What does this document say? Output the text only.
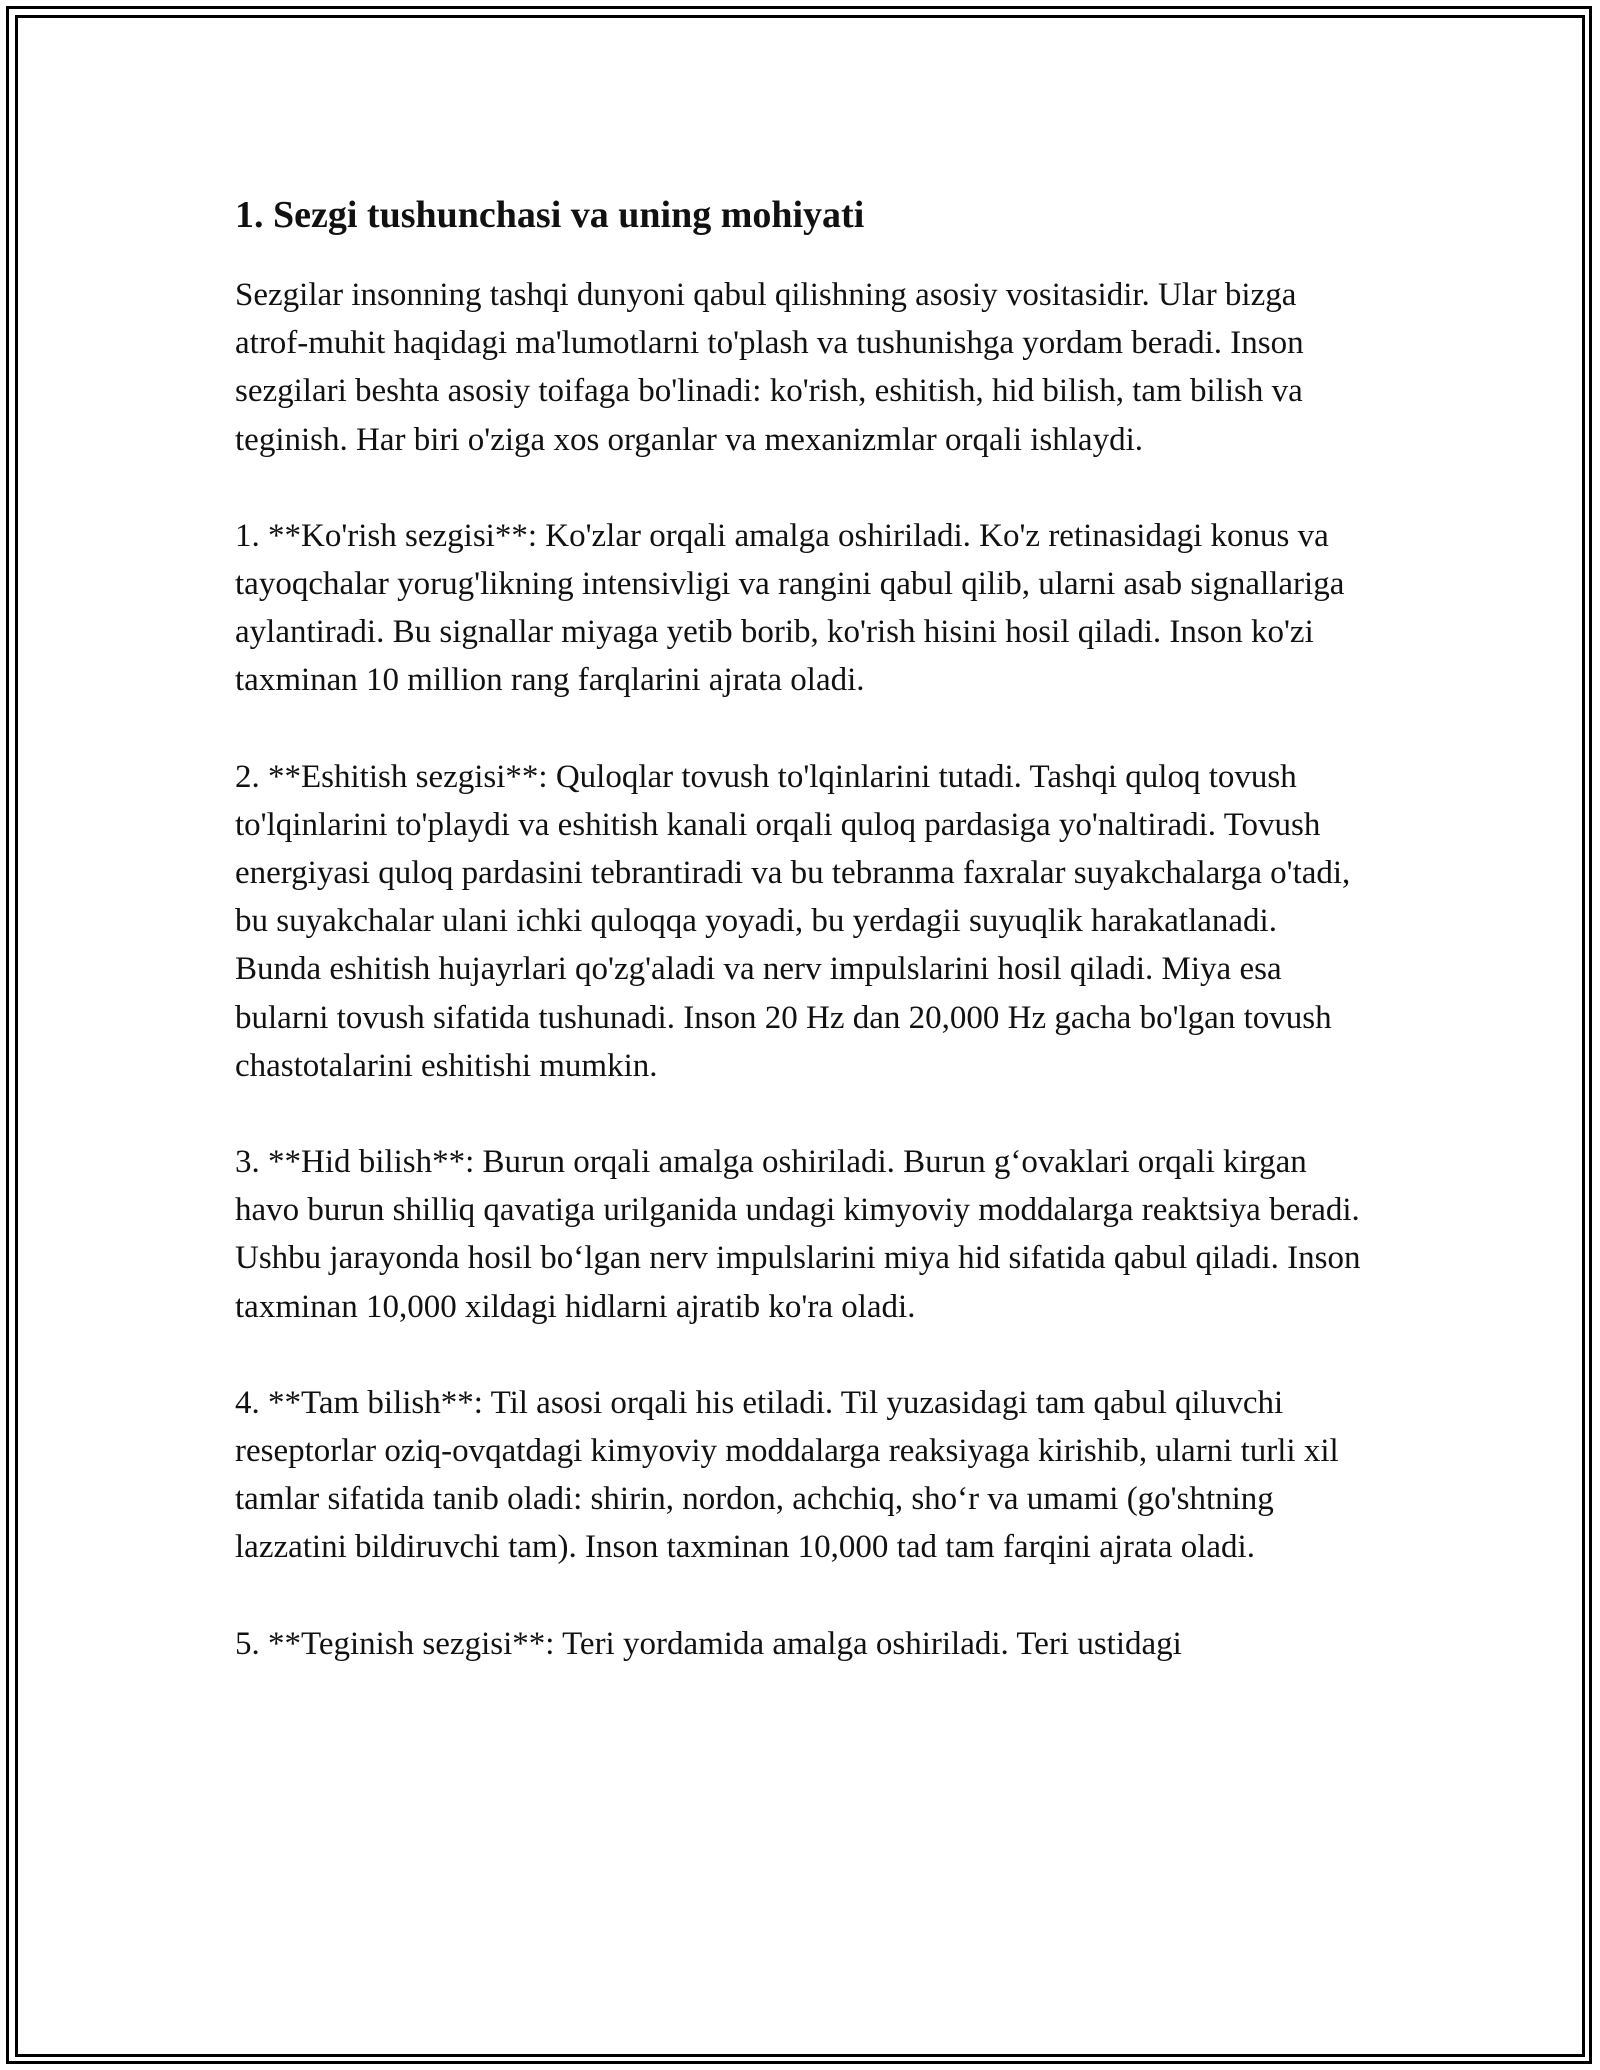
1. Sezgi tushunchasi va uning mohiyati

Sezgilar insonning tashqi dunyoni qabul qilishning asosiy vositasidir. Ular bizga atrof-muhit haqidagi ma'lumotlarni to'plash va tushunishga yordam beradi. Inson sezgilari beshta asosiy toifaga bo'linadi: ko'rish, eshitish, hid bilish, tam bilish va teginish. Har biri o'ziga xos organlar va mexanizmlar orqali ishlaydi.

1. **Ko'rish sezgisi**: Ko'zlar orqali amalga oshiriladi. Ko'z retinasidagi konus va tayoqchalar yorug'likning intensivligi va rangini qabul qilib, ularni asab signallariga aylantiradi. Bu signallar miyaga yetib borib, ko'rish hisini hosil qiladi. Inson ko'zi taxminan 10 million rang farqlarini ajrata oladi.

2. **Eshitish sezgisi**: Quloqlar tovush to'lqinlarini tutadi. Tashqi quloq tovush to'lqinlarini to'playdi va eshitish kanali orqali quloq pardasiga yo'naltiradi. Tovush energiyasi quloq pardasini tebrantiradi va bu tebranma faxralar suyakchalarga o'tadi, bu suyakchalar ulani ichki quloqqa yoyadi, bu yerdagii suyuqlik harakatlanadi. Bunda eshitish hujayrlari qo'zg'aladi va nerv impulslarini hosil qiladi. Miya esa bularni tovush sifatida tushunadi. Inson 20 Hz dan 20,000 Hz gacha bo'lgan tovush chastotalarini eshitishi mumkin.

3. **Hid bilish**: Burun orqali amalga oshiriladi. Burun g‘ovaklari orqali kirgan havo burun shilliq qavatiga urilganida undagi kimyoviy moddalarga reaktsiya beradi. Ushbu jarayonda hosil bo‘lgan nerv impulslarini miya hid sifatida qabul qiladi. Inson taxminan 10,000 xildagi hidlarni ajratib ko'ra oladi.

4. **Tam bilish**: Til asosi orqali his etiladi. Til yuzasidagi tam qabul qiluvchi reseptorlar oziq-ovqatdagi kimyoviy moddalarga reaksiyaga kirishib, ularni turli xil tamlar sifatida tanib oladi: shirin, nordon, achchiq, sho‘r va umami (go'shtning lazzatini bildiruvchi tam). Inson taxminan 10,000 tad tam farqini ajrata oladi.

5. **Teginish sezgisi**: Teri yordamida amalga oshiriladi. Teri ustidagi
